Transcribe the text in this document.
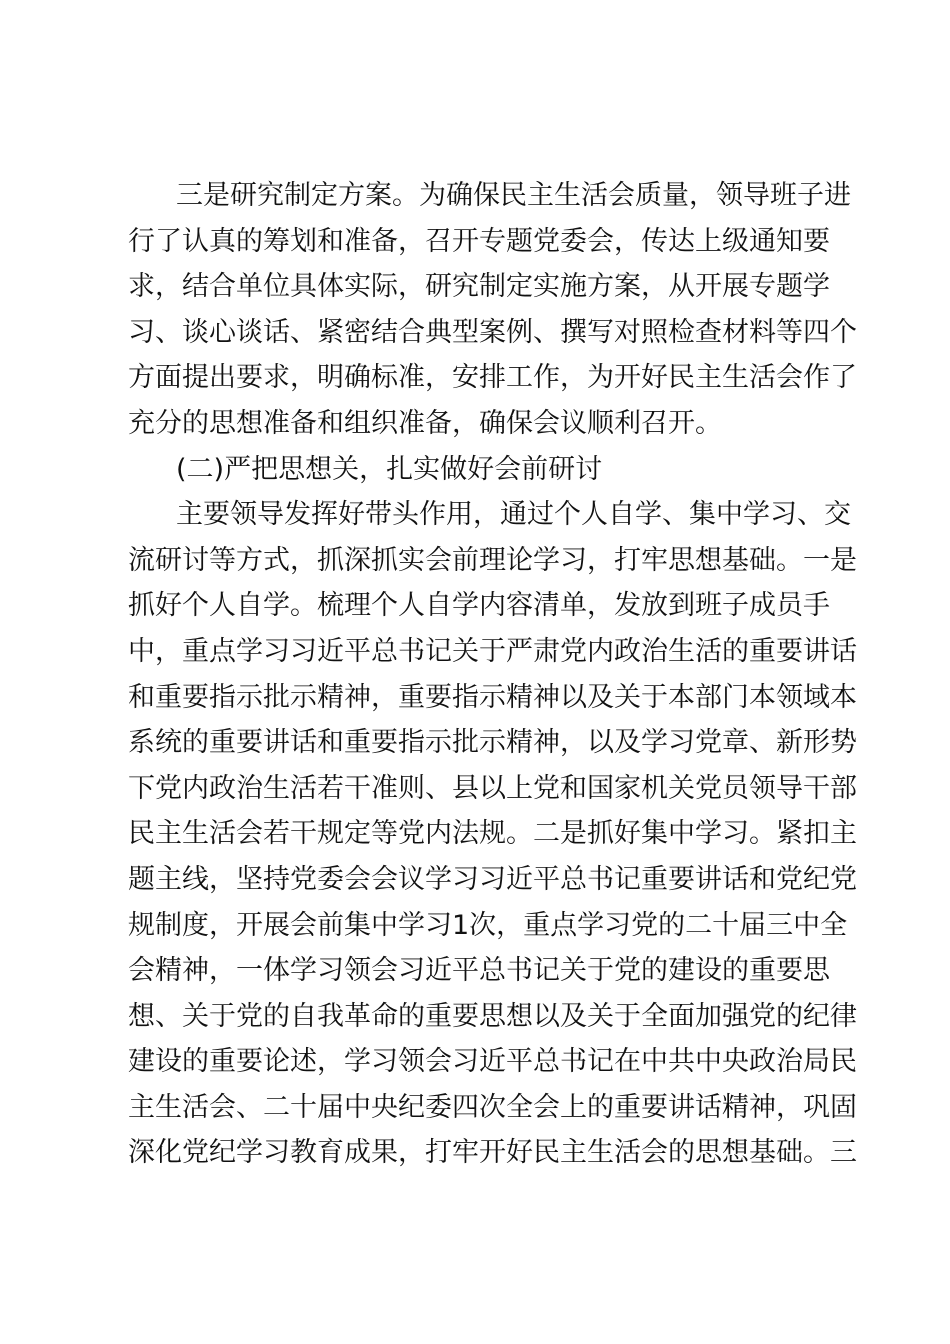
三是研究制定方案。为确保民主生活会质量，领导班子进
行了认真的筹划和准备，召开专题党委会，传达上级通知要
求，结合单位具体实际，研究制定实施方案，从开展专题学
习、谈心谈话、紧密结合典型案例、撰写对照检查材料等四个
方面提出要求，明确标准，安排工作，为开好民主生活会作了
充分的思想准备和组织准备，确保会议顺利召开。
(二)严把思想关，扎实做好会前研讨
主要领导发挥好带头作用，通过个人自学、集中学习、交
流研讨等方式，抓深抓实会前理论学习，打牢思想基础。一是
抓好个人自学。梳理个人自学内容清单，发放到班子成员手
中，重点学习习近平总书记关于严肃党内政治生活的重要讲话
和重要指示批示精神，重要指示精神以及关于本部门本领域本
系统的重要讲话和重要指示批示精神，以及学习党章、新形势
下党内政治生活若干准则、县以上党和国家机关党员领导干部
民主生活会若干规定等党内法规。二是抓好集中学习。紧扣主
题主线，坚持党委会会议学习习近平总书记重要讲话和党纪党
规制度，开展会前集中学习1次，重点学习党的二十届三中全
会精神，一体学习领会习近平总书记关于党的建设的重要思
想、关于党的自我革命的重要思想以及关于全面加强党的纪律
建设的重要论述，学习领会习近平总书记在中共中央政治局民
主生活会、二十届中央纪委四次全会上的重要讲话精神，巩固
深化党纪学习教育成果，打牢开好民主生活会的思想基础。三
